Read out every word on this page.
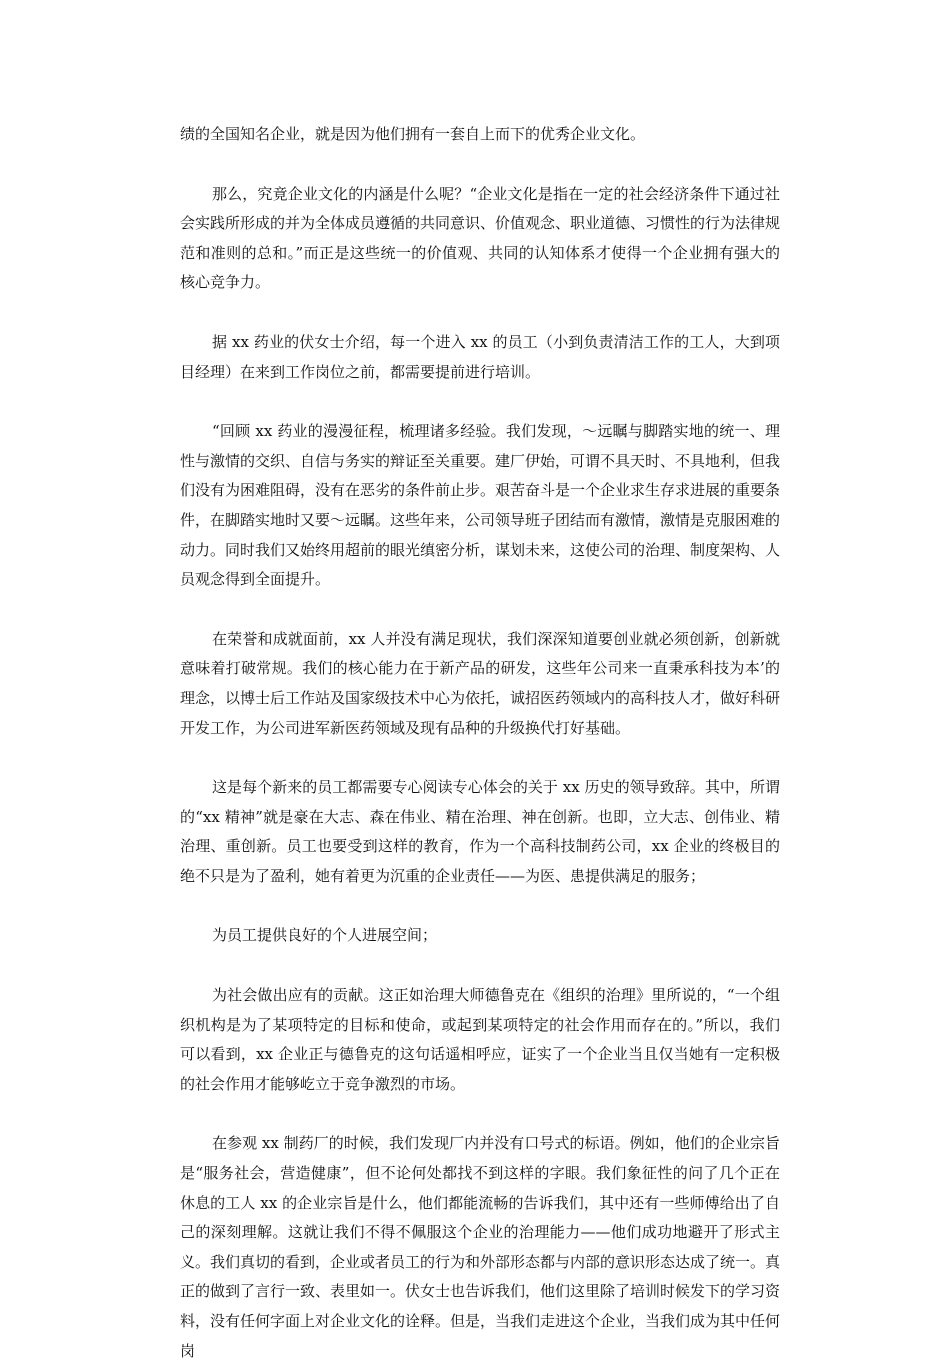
绩的全国知名企业，就是因为他们拥有一套自上而下的优秀企业文化。

那么，究竟企业文化的内涵是什么呢？“企业文化是指在一定的社会经济条件下通过社会实践所形成的并为全体成员遵循的共同意识、价值观念、职业道德、习惯性的行为法律规范和准则的总和。”而正是这些统一的价值观、共同的认知体系才使得一个企业拥有强大的核心竞争力。

据 xx 药业的伏女士介绍，每一个进入 xx 的员工（小到负责清洁工作的工人，大到项目经理）在来到工作岗位之前，都需要提前进行培训。

“回顾 xx 药业的漫漫征程，梳理诸多经验。我们发现，～远瞩与脚踏实地的统一、理性与激情的交织、自信与务实的辩证至关重要。建厂伊始，可谓不具天时、不具地利，但我们没有为困难阻碍，没有在恶劣的条件前止步。艰苦奋斗是一个企业求生存求进展的重要条件，在脚踏实地时又要～远瞩。这些年来，公司领导班子团结而有激情，激情是克服困难的动力。同时我们又始终用超前的眼光缜密分析，谋划未来，这使公司的治理、制度架构、人员观念得到全面提升。

在荣誉和成就面前，xx 人并没有满足现状，我们深深知道要创业就必须创新，创新就意味着打破常规。我们的核心能力在于新产品的研发，这些年公司来一直秉承科技为本’的理念，以博士后工作站及国家级技术中心为依托，诚招医药领域内的高科技人才，做好科研开发工作，为公司进军新医药领域及现有品种的升级换代打好基础。

这是每个新来的员工都需要专心阅读专心体会的关于 xx 历史的领导致辞。其中，所谓的“xx 精神”就是豪在大志、森在伟业、精在治理、神在创新。也即，立大志、创伟业、精治理、重创新。员工也要受到这样的教育，作为一个高科技制药公司，xx 企业的终极目的绝不只是为了盈利，她有着更为沉重的企业责任——为医、患提供满足的服务；

为员工提供良好的个人进展空间；

为社会做出应有的贡献。这正如治理大师德鲁克在《组织的治理》里所说的，“一个组织机构是为了某项特定的目标和使命，或起到某项特定的社会作用而存在的。”所以，我们可以看到，xx 企业正与德鲁克的这句话遥相呼应，证实了一个企业当且仅当她有一定积极的社会作用才能够屹立于竞争激烈的市场。

在参观 xx 制药厂的时候，我们发现厂内并没有口号式的标语。例如，他们的企业宗旨是“服务社会，营造健康”，但不论何处都找不到这样的字眼。我们象征性的问了几个正在休息的工人 xx 的企业宗旨是什么，他们都能流畅的告诉我们，其中还有一些师傅给出了自己的深刻理解。这就让我们不得不佩服这个企业的治理能力——他们成功地避开了形式主义。我们真切的看到，企业或者员工的行为和外部形态都与内部的意识形态达成了统一。真正的做到了言行一致、表里如一。伏女士也告诉我们，他们这里除了培训时候发下的学习资料，没有任何字面上对企业文化的诠释。但是，当我们走进这个企业，当我们成为其中任何岗
